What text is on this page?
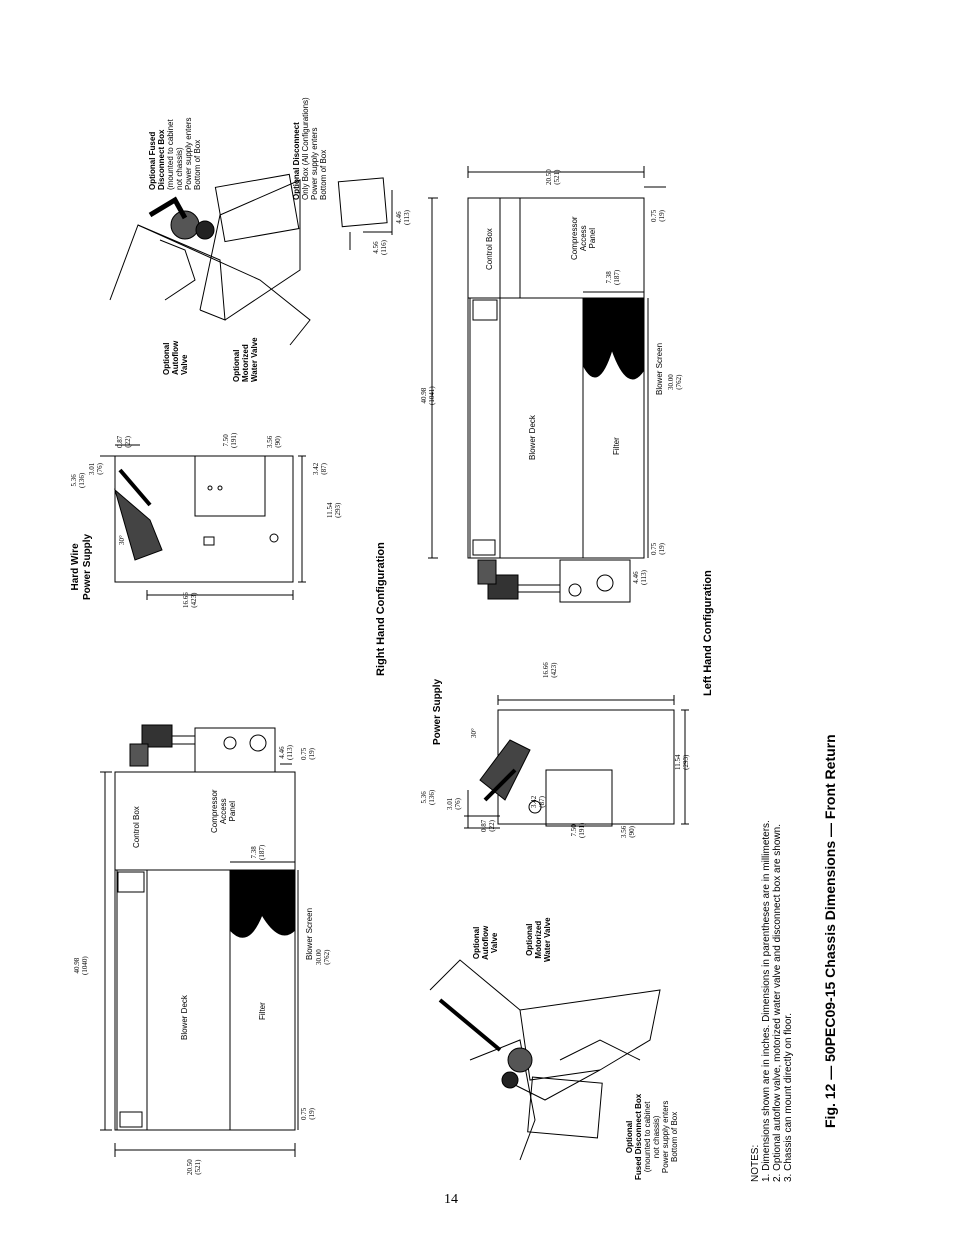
Control Box	Compressor
Access
Panel
Blower Deck	Filter
Blower Screen 30.00
(762)
40.98
(1040)
20.50
(521)
7.38
(187)
4.46
(113) 0.75
(19)
0.75
(19)
Hard Wire
Power Supply	30°
5.36
(136)
3.01
(76)
0.87
(22)	7.50
(191)	3.56
(90)
3.42
(87)
11.54
(293)
16.66
(423)
Optional Fused Disconnect Box (mounted to cabinet
not chassis)
Power supply enters
Bottom of Box	Optional Disconnect Only Box (All Configurations)
Power supply enters
Bottom of Box
Optional Autoflow Valve	Optional Motorized Water Valve
4.56
(116)
4.46
(113)
Right Hand Configuration
Power Supply	30°
5.36
(136) 3.01
(76)
0.87
(22)
3.42
(87)
7.50
(191)	3.56
(90)
16.66
(423)
11.54
(293)
Control Box	Compressor
Access
Panel
Blower Deck	Filter
Blower Screen 30.00
(762)
40.98
(1041)
20.50
(521)
7.38
(187)
4.46
(113)
0.75
(19)
0.75
(19)
Optional Fused Disconnect Box (mounted to cabinet
not chassis)
Power supply enters
Bottom of Box
Optional Autoflow Valve	Optional Motorized Water Valve
Left Hand Configuration
NOTES: 1. Dimensions shown are in inches. Dimensions in parentheses are in millimeters. 2. Optional autoflow valve, motorized water valve and disconnect box are shown. 3. Chassis can mount directly on floor. Fig. 12 — 50PEC09-15 Chassis Dimensions — Front Return
14
